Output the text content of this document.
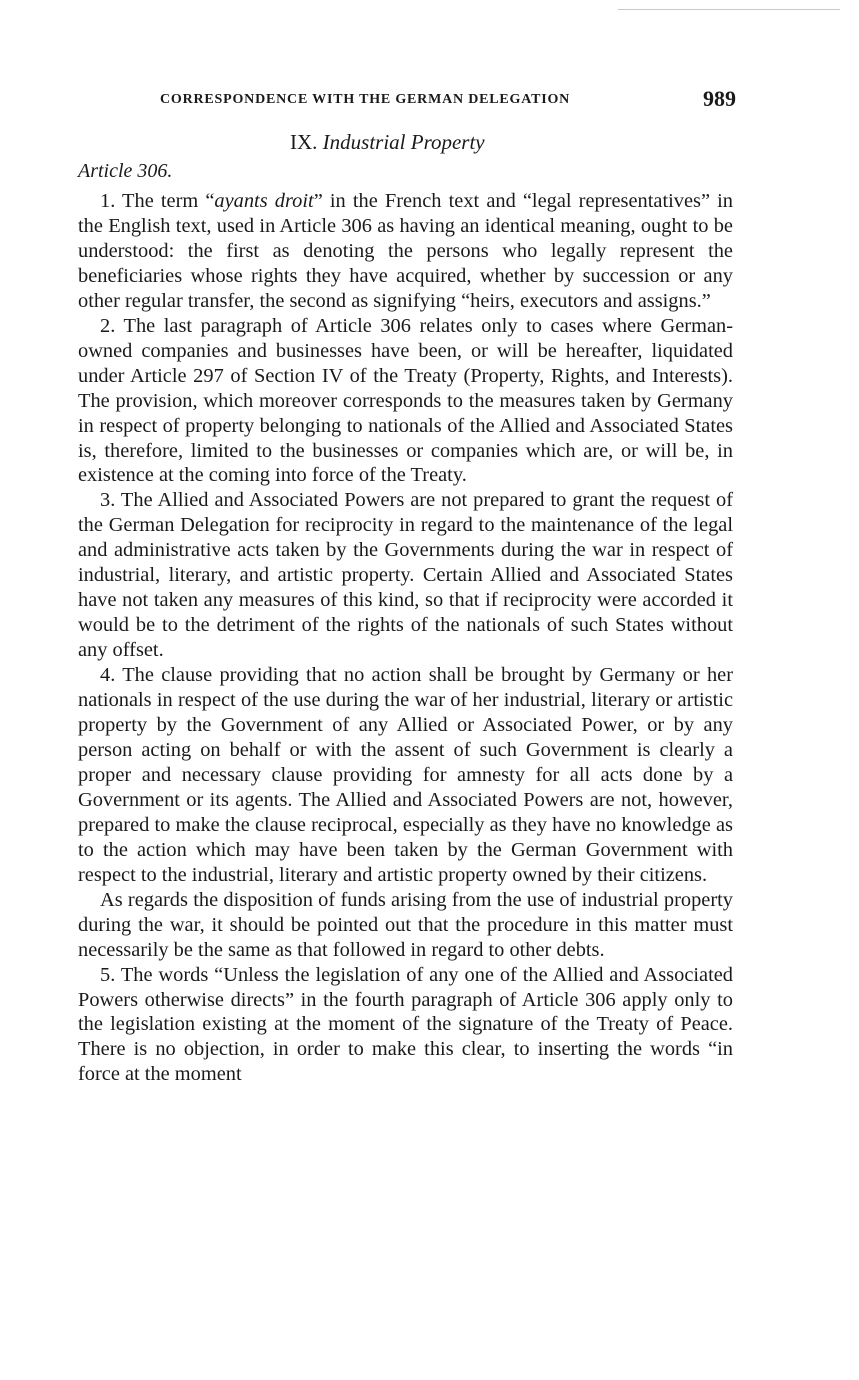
CORRESPONDENCE WITH THE GERMAN DELEGATION	989
IX. Industrial Property
Article 306.

1. The term “ayants droit” in the French text and “legal representatives” in the English text, used in Article 306 as having an identical meaning, ought to be understood: the first as denoting the persons who legally represent the beneficiaries whose rights they have acquired, whether by succession or any other regular transfer, the second as signifying “heirs, executors and assigns.”

2. The last paragraph of Article 306 relates only to cases where German-owned companies and businesses have been, or will be hereafter, liquidated under Article 297 of Section IV of the Treaty (Property, Rights, and Interests). The provision, which moreover corresponds to the measures taken by Germany in respect of property belonging to nationals of the Allied and Associated States is, therefore, limited to the businesses or companies which are, or will be, in existence at the coming into force of the Treaty.

3. The Allied and Associated Powers are not prepared to grant the request of the German Delegation for reciprocity in regard to the maintenance of the legal and administrative acts taken by the Governments during the war in respect of industrial, literary, and artistic property. Certain Allied and Associated States have not taken any measures of this kind, so that if reciprocity were accorded it would be to the detriment of the rights of the nationals of such States without any offset.

4. The clause providing that no action shall be brought by Germany or her nationals in respect of the use during the war of her industrial, literary or artistic property by the Government of any Allied or Associated Power, or by any person acting on behalf or with the assent of such Government is clearly a proper and necessary clause providing for amnesty for all acts done by a Government or its agents. The Allied and Associated Powers are not, however, prepared to make the clause reciprocal, especially as they have no knowledge as to the action which may have been taken by the German Government with respect to the industrial, literary and artistic property owned by their citizens.

As regards the disposition of funds arising from the use of industrial property during the war, it should be pointed out that the procedure in this matter must necessarily be the same as that followed in regard to other debts.

5. The words “Unless the legislation of any one of the Allied and Associated Powers otherwise directs” in the fourth paragraph of Article 306 apply only to the legislation existing at the moment of the signature of the Treaty of Peace. There is no objection, in order to make this clear, to inserting the words “in force at the moment
